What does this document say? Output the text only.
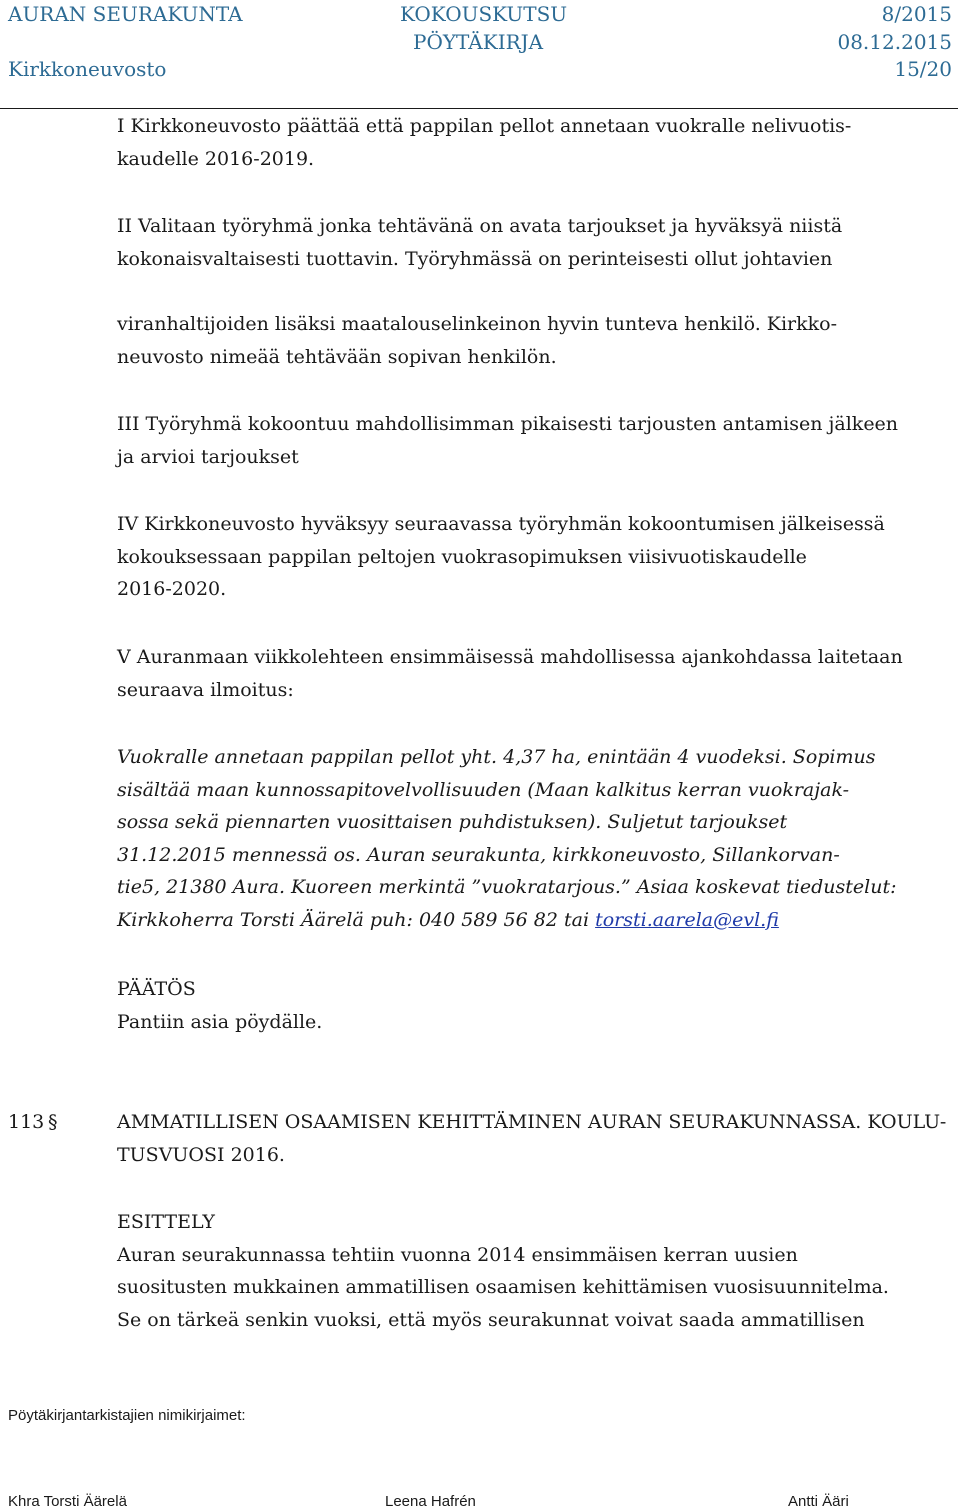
AURAN SEURAKUNTA
Kirkkoneuvosto
KOKOUSKUTSU
PÖYTÄKIRJA
8/2015
08.12.2015
15/20

I Kirkkoneuvosto päättää että pappilan pellot annetaan vuokralle nelivuotis-
kaudelle 2016-2019.

II Valitaan työryhmä jonka tehtävänä on avata tarjoukset ja hyväksyä niistä
kokonaisvaltaisesti tuottavin. Työryhmässä on perinteisesti ollut johtavien

viranhaltijoiden lisäksi maatalouselinkeinon hyvin tunteva henkilö. Kirkko-
neuvosto nimeää tehtävään sopivan henkilön.

III Työryhmä kokoontuu mahdollisimman pikaisesti tarjousten antamisen jälkeen
ja arvioi tarjoukset

IV Kirkkoneuvosto hyväksyy seuraavassa työryhmän kokoontumisen jälkeisessä
kokouksessaan pappilan peltojen vuokrasopimuksen viisivuotiskaudelle
2016-2020.

V Auranmaan viikkolehteen ensimmäisessä mahdollisessa ajankohdassa laitetaan
seuraava ilmoitus:

Vuokralle annetaan pappilan pellot yht. 4,37 ha, enintään 4 vuodeksi. Sopimus
sisältää maan kunnossapitovelvollisuuden (Maan kalkitus kerran vuokrajak-
sossa sekä piennarten vuosittaisen puhdistuksen). Suljetut tarjoukset
31.12.2015 mennessä os. Auran seurakunta, kirkkoneuvosto, Sillankorvan-
tie5, 21380 Aura. Kuoreen merkintä ”vuokratarjous.” Asiaa koskevat tiedustelut:
Kirkkoherra Torsti Äärelä puh: 040 589 56 82 tai torsti.aarela@evl.fi

PÄÄTÖS
Pantiin asia pöydälle.

113 §	AMMATILLISEN OSAAMISEN KEHITTÄMINEN AURAN SEURAKUNNASSA. KOULU-
TUSVUOSI 2016.

ESITTELY
Auran seurakunnassa tehtiin vuonna 2014 ensimmäisen kerran uusien
suositusten mukkainen ammatillisen osaamisen kehittämisen vuosisuunnitelma.
Se on tärkeä senkin vuoksi, että myös seurakunnat voivat saada ammatillisen

Pöytäkirjantarkistajien nimikirjaimet:
Khra Torsti Äärelä	Leena Hafrén	Antti Ääri
